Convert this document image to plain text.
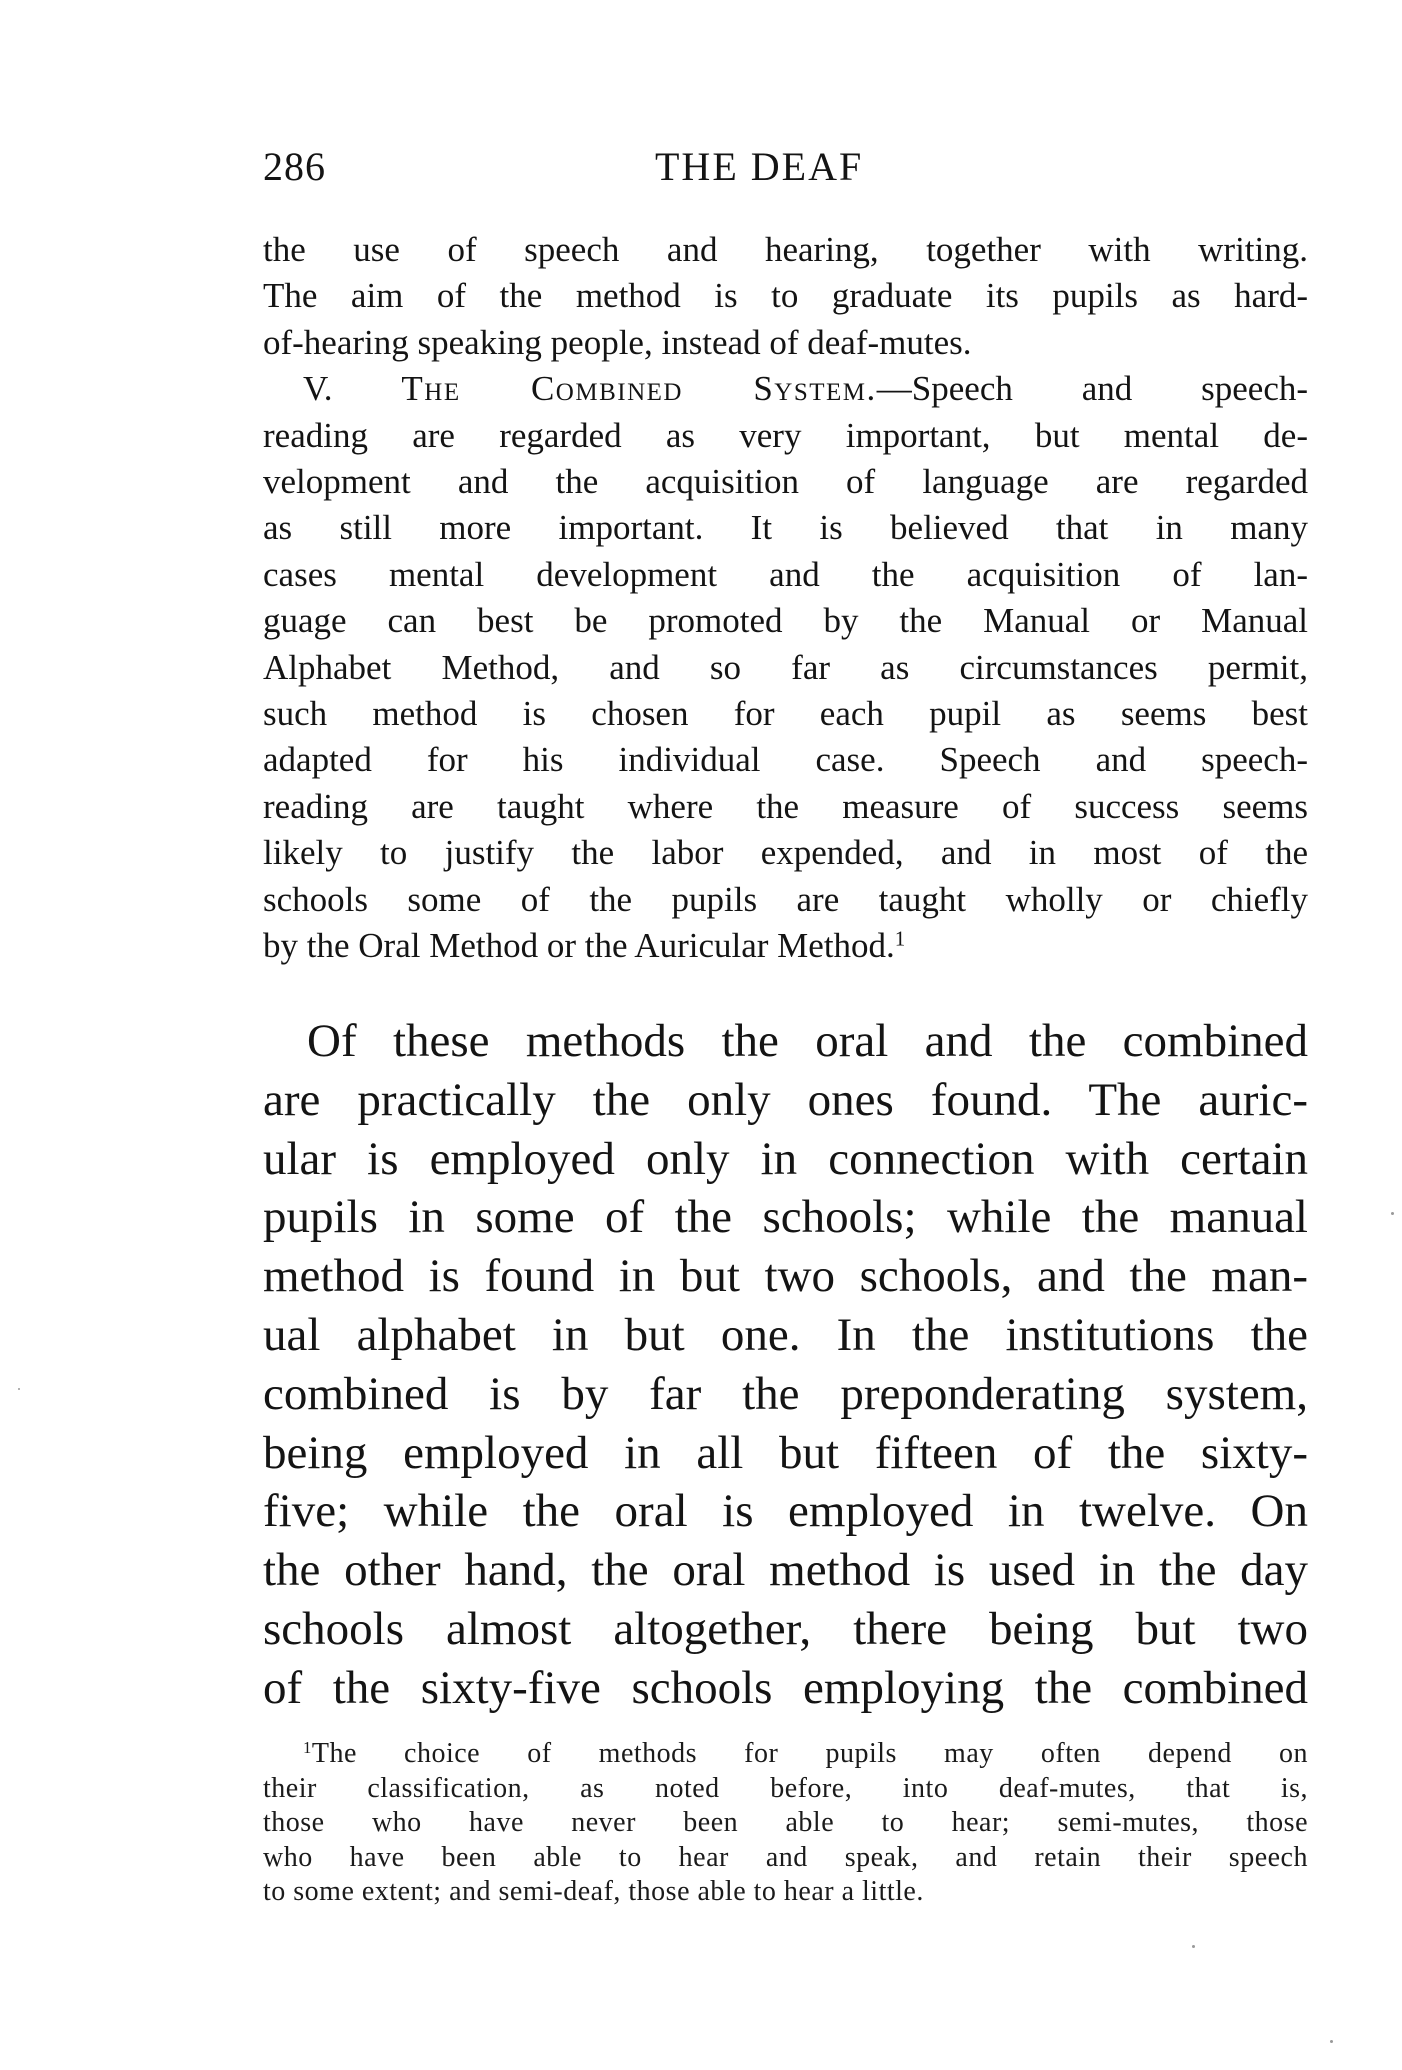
286	THE DEAF
the use of speech and hearing, together with writing.
The aim of the method is to graduate its pupils as hard-
of-hearing speaking people, instead of deaf-mutes.
V. The Combined System.—Speech and speech-
reading are regarded as very important, but mental de-
velopment and the acquisition of language are regarded
as still more important. It is believed that in many
cases mental development and the acquisition of lan-
guage can best be promoted by the Manual or Manual
Alphabet Method, and so far as circumstances permit,
such method is chosen for each pupil as seems best
adapted for his individual case. Speech and speech-
reading are taught where the measure of success seems
likely to justify the labor expended, and in most of the
schools some of the pupils are taught wholly or chiefly
by the Oral Method or the Auricular Method.$^1$
Of these methods the oral and the combined
are practically the only ones found. The auric-
ular is employed only in connection with certain
pupils in some of the schools; while the manual
method is found in but two schools, and the man-
ual alphabet in but one. In the institutions the
combined is by far the preponderating system,
being employed in all but fifteen of the sixty-
five; while the oral is employed in twelve. On
the other hand, the oral method is used in the day
schools almost altogether, there being but two
of the sixty-five schools employing the combined
$^1$The choice of methods for pupils may often depend on
their classification, as noted before, into deaf-mutes, that is,
those who have never been able to hear; semi-mutes, those
who have been able to hear and speak, and retain their speech
to some extent; and semi-deaf, those able to hear a little.
